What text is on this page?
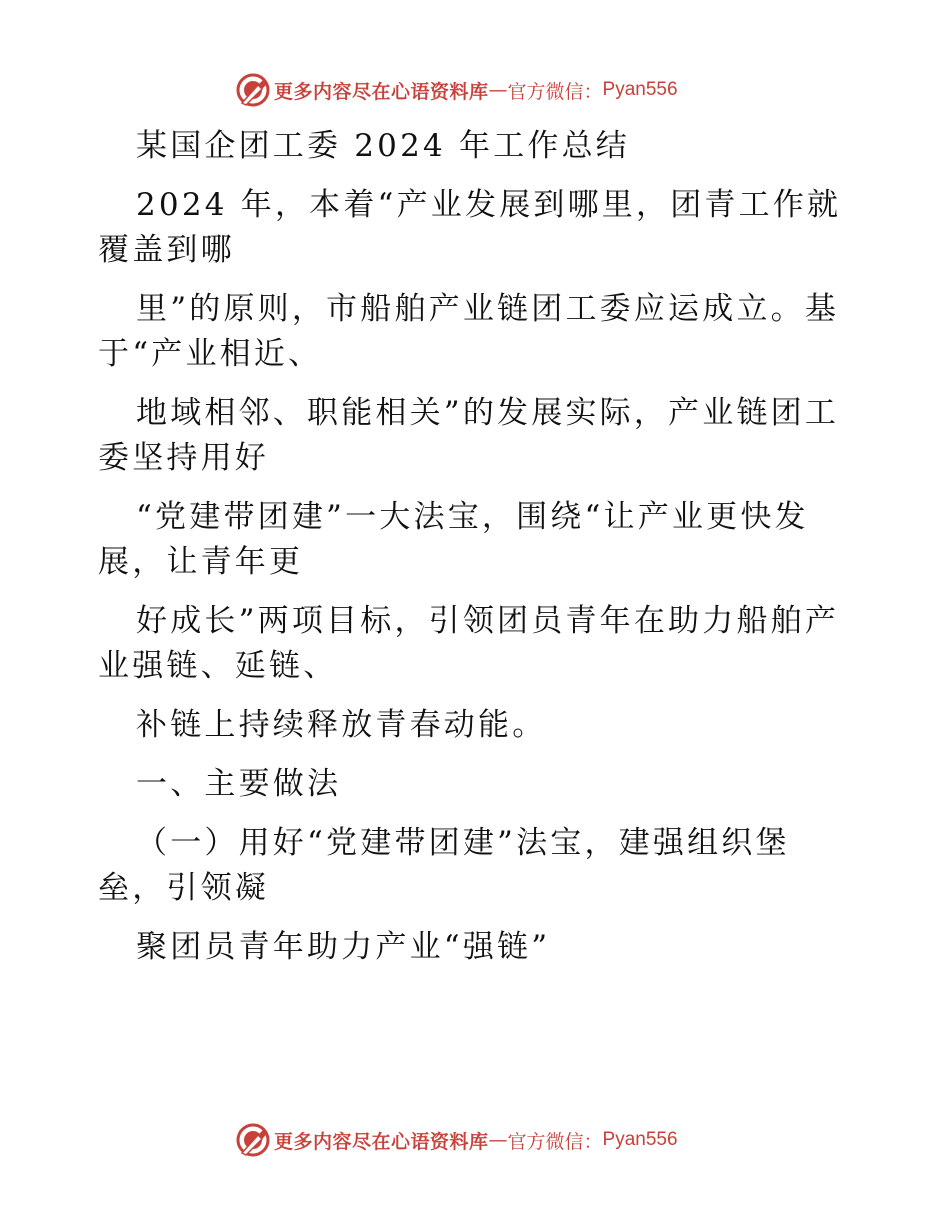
更多内容尽在心语资料库 — 官方微信： Pyan556
某国企团工委 2024 年工作总结
2024 年，本着“产业发展到哪里，团青工作就
覆盖到哪
里”的原则，市船舶产业链团工委应运成立。基
于“产业相近、
地域相邻、职能相关”的发展实际，产业链团工
委坚持用好
“党建带团建”一大法宝，围绕“让产业更快发
展，让青年更
好成长”两项目标，引领团员青年在助力船舶产
业强链、延链、
补链上持续释放青春动能。
一、主要做法
（一）用好“党建带团建”法宝，建强组织堡
垒，引领凝
聚团员青年助力产业“强链”
更多内容尽在心语资料库 — 官方微信： Pyan556
